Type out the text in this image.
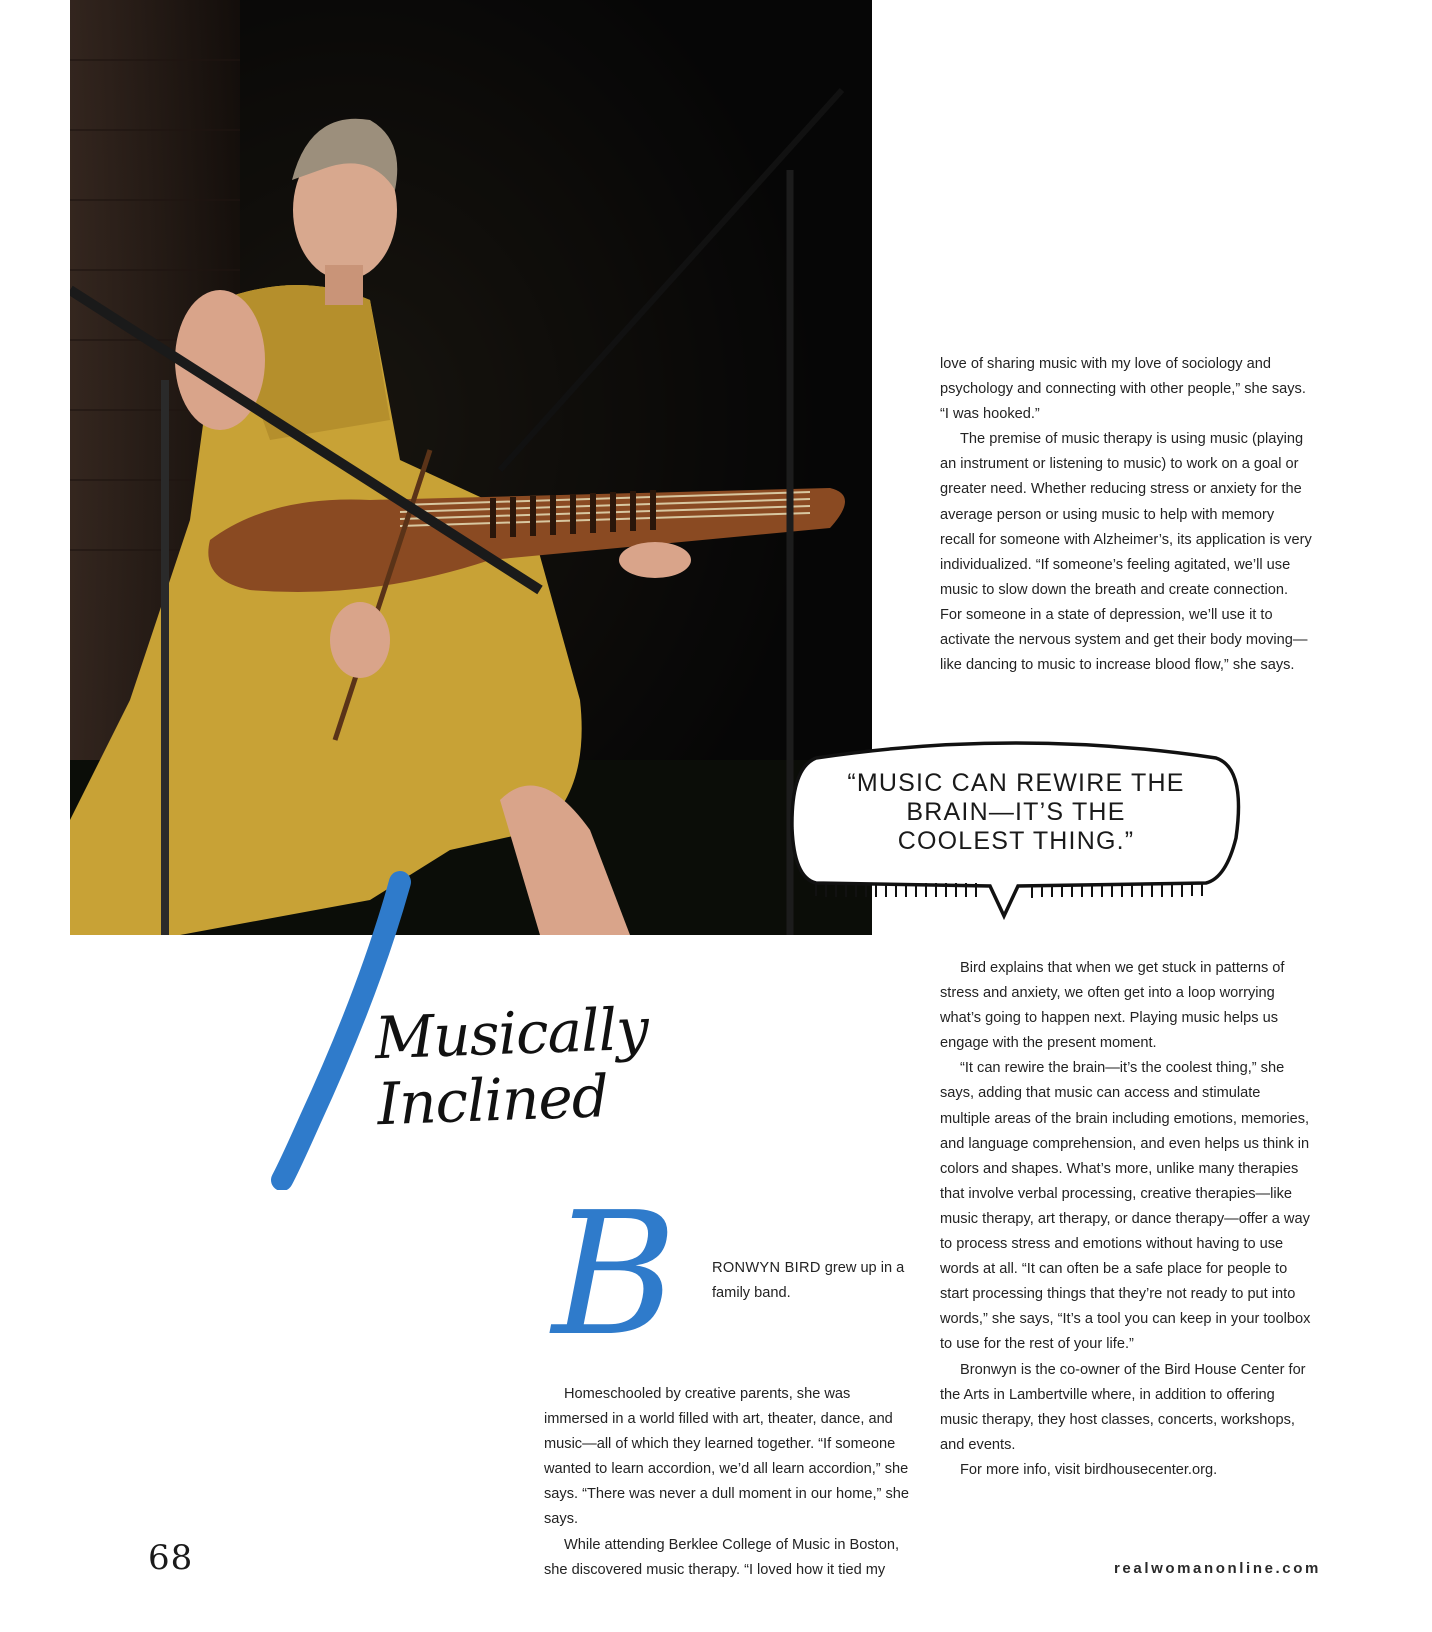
Musically
Inclined
B RONWYN BIRD grew up in a family band.

Homeschooled by creative parents, she was immersed in a world filled with art, theater, dance, and music—all of which they learned together. “If someone wanted to learn accordion, we’d all learn accordion,” she says. “There was never a dull moment in our home,” she says.

While attending Berklee College of Music in Boston, she discovered music therapy. “I loved how it tied my

love of sharing music with my love of sociology and psychology and connecting with other people,” she says. “I was hooked.”

The premise of music therapy is using music (playing an instrument or listening to music) to work on a goal or greater need. Whether reducing stress or anxiety for the average person or using music to help with memory recall for someone with Alzheimer’s, its application is very individualized. “If someone’s feeling agitated, we’ll use music to slow down the breath and create connection. For someone in a state of depression, we’ll use it to activate the nervous system and get their body moving—like dancing to music to increase blood flow,” she says.

“MUSIC CAN REWIRE THE BRAIN—IT’S THE COOLEST THING.”

Bird explains that when we get stuck in patterns of stress and anxiety, we often get into a loop worrying what’s going to happen next. Playing music helps us engage with the present moment.

“It can rewire the brain—it’s the coolest thing,” she says, adding that music can access and stimulate multiple areas of the brain including emotions, memories, and language comprehension, and even helps us think in colors and shapes. What’s more, unlike many therapies that involve verbal processing, creative therapies—like music therapy, art therapy, or dance therapy—offer a way to process stress and emotions without having to use words at all. “It can often be a safe place for people to start processing things that they’re not ready to put into words,” she says, “It’s a tool you can keep in your toolbox to use for the rest of your life.”

Bronwyn is the co-owner of the Bird House Center for the Arts in Lambertville where, in addition to offering music therapy, they host classes, concerts, workshops, and events.

For more info, visit birdhousecenter.org.

68	realwomanonline.com
